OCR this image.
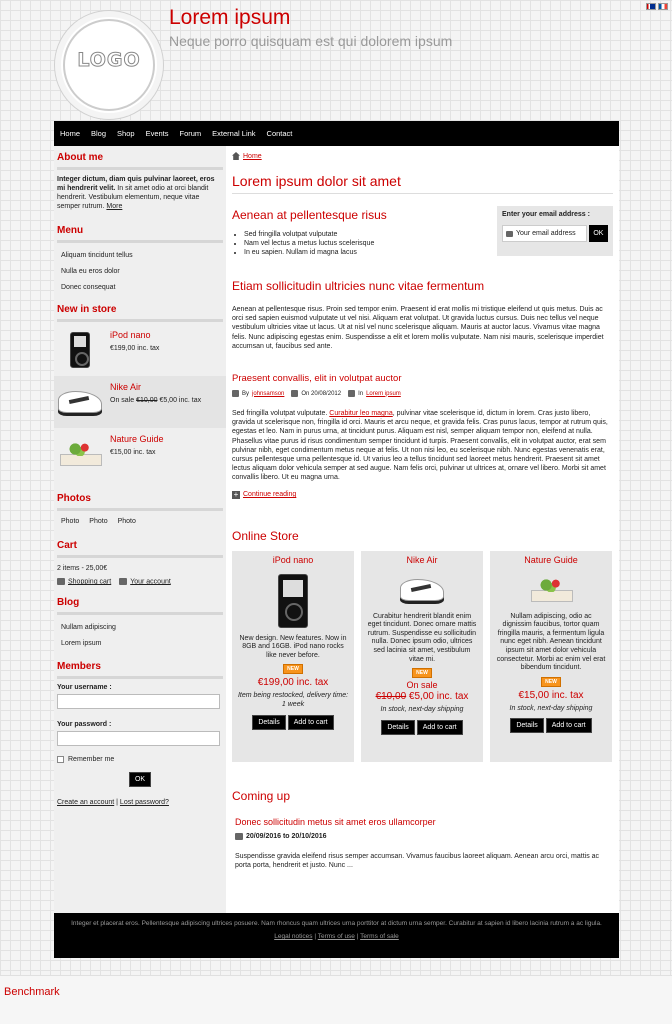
LOGO
Lorem ipsum
Neque porro quisquam est qui dolorem ipsum
Home Blog Shop Events Forum External Link Contact
About me
Integer dictum, diam quis pulvinar laoreet, eros mi hendrerit velit. In sit amet odio at orci blandit hendrerit. Vestibulum elementum, neque vitae semper rutrum. More
Menu
Aliquam tincidunt tellus
Nulla eu eros dolor
Donec consequat
New in store
iPod nano
€199,00 inc. tax
Nike Air
On sale €10,00 €5,00 inc. tax
Nature Guide
€15,00 inc. tax
Photos
Photo Photo Photo
Cart
2 items - 25,00€
Shopping cart	Your account
Blog
Nullam adipiscing
Lorem ipsum
Members
Your username :
Your password :
Remember me
OK
Create an account | Lost password?
Home
Lorem ipsum dolor sit amet
Aenean at pellentesque risus
• Sed fringilla volutpat vulputate
• Nam vel lectus a metus luctus scelerisque
• In eu sapien. Nullam id magna lacus
Enter your email address :
Your email address	OK
Etiam sollicitudin ultricies nunc vitae fermentum
Aenean at pellentesque risus. Proin sed tempor enim. Praesent id erat mollis mi tristique eleifend ut quis metus. Duis ac orci sed sapien euismod vulputate ut vel nisi. Aliquam erat volutpat. Ut gravida luctus cursus. Duis nec tellus vel neque vestibulum ultricies vitae ut lacus. Ut at nisl vel nunc scelerisque aliquam. Mauris at auctor lacus. Vivamus vitae magna felis. Nunc adipiscing egestas enim. Suspendisse a elit et lorem mollis vulputate. Nam nisi mauris, scelerisque imperdiet accumsan ut, faucibus sed ante.
Praesent convallis, elit in volutpat auctor
By johnsamson	On 20/08/2012	In Lorem ipsum
Sed fringilla volutpat vulputate. Curabitur leo magna, pulvinar vitae scelerisque id, dictum in lorem. Cras justo libero, gravida ut scelerisque non, fringilla id orci. Mauris et arcu neque, et gravida felis. Cras purus lacus, tempor at rutrum quis, egestas et leo. Nam in purus urna, at tincidunt purus. Aliquam est nisl, semper aliquam tempor non, eleifend at nulla. Phasellus vitae purus id risus condimentum semper tincidunt id turpis. Praesent convallis, elit in volutpat auctor, erat sem pulvinar nibh, eget condimentum metus neque at felis. Ut non nisi leo, eu scelerisque nibh. Nunc egestas venenatis erat, cursus pellentesque urna pellentesque id. Ut varius leo a tellus tincidunt sed laoreet metus hendrerit. Praesent sit amet lectus aliquam dolor vehicula semper at sed augue. Nam felis orci, pulvinar ut ultrices at, ornare vel libero. Morbi sit amet convallis libero. Ut eu magna urna.
+ Continue reading
Online Store
iPod nano
New design. New features. Now in 8GB and 16GB. iPod nano rocks like never before.
NEW
€199,00 inc. tax
Item being restocked, delivery time: 1 week
Details	Add to cart
Nike Air
Curabitur hendrerit blandit enim eget tincidunt. Donec ornare mattis rutrum. Suspendisse eu sollicitudin nulla. Donec ipsum odio, ultrices sed lacinia sit amet, vestibulum vitae mi.
NEW
On sale
€10,00 €5,00 inc. tax
In stock, next-day shipping
Details	Add to cart
Nature Guide
Nullam adipiscing, odio ac dignissim faucibus, tortor quam fringilla mauris, a fermentum ligula nunc eget nibh. Aenean tincidunt ipsum sit amet dolor vehicula consectetur. Morbi ac enim vel erat bibendum tincidunt.
NEW
€15,00 inc. tax
In stock, next-day shipping
Details	Add to cart
Coming up
Donec sollicitudin metus sit amet eros ullamcorper
20/09/2016 to 20/10/2016
Suspendisse gravida eleifend risus semper accumsan. Vivamus faucibus laoreet aliquam. Aenean arcu orci, mattis ac porta porta, hendrerit et justo. Nunc ...
Integer et placerat eros. Pellentesque adipiscing ultrices posuere. Nam rhoncus quam ultrices urna porttitor at dictum urna semper. Curabitur at sapien id libero lacinia rutrum a ac ligula.
Legal notices | Terms of use | Terms of sale
Benchmark
